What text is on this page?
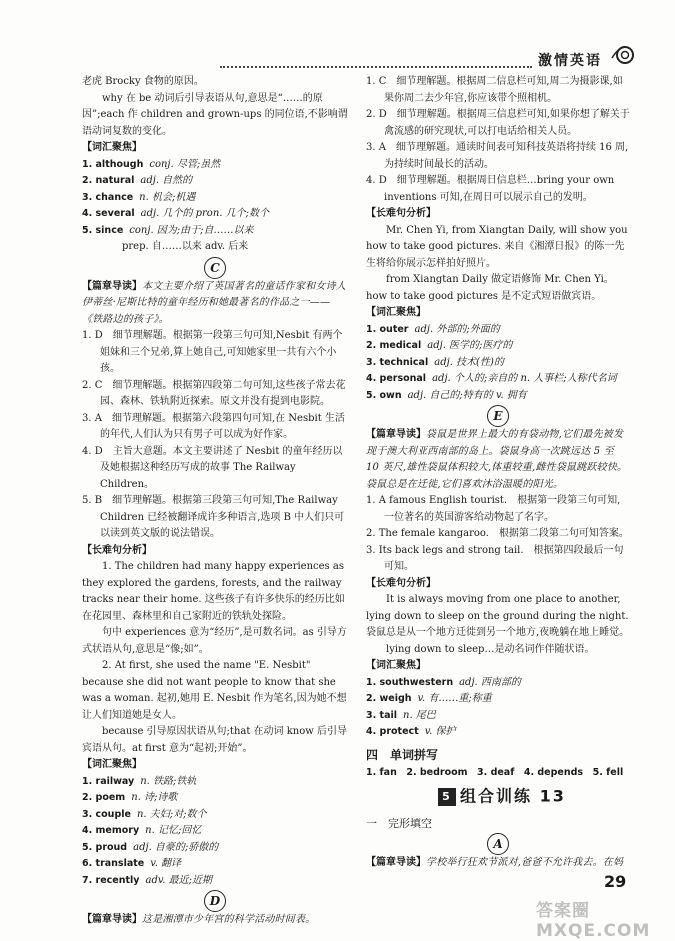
激情英语

老虎 Brocky 食物的原因。

why 在 be 动词后引导表语从句,意思是“……的原因”;each 作 children and grown-ups 的同位语,不影响谓语动词复数的变化。

【词汇聚焦】

1. although conj. 尽管;虽然

2. natural adj. 自然的

3. chance n. 机会;机遇

4. several adj. 几个的 pron. 几个;数个

5. since conj. 因为;由于;自……以来

prep. 自……以来 adv. 后来

C

【篇章导读】本文主要介绍了英国著名的童话作家和女诗人伊蒂丝·尼斯比特的童年经历和她最著名的作品之一——《铁路边的孩子》。

1. D　细节理解题。根据第一段第三句可知,Nesbit 有两个姐妹和三个兄弟,算上她自己,可知她家里一共有六个小孩。

2. C　细节理解题。根据第四段第二句可知,这些孩子常去花园、森林、铁轨附近探索。原文并没有提到电影院。

3. A　细节理解题。根据第六段第四句可知,在 Nesbit 生活的年代,人们认为只有男子可以成为好作家。

4. D　主旨大意题。本文主要讲述了 Nesbit 的童年经历以及她根据这种经历写成的故事 The Railway Children。

5. B　细节理解题。根据第三段第三句可知,The Railway Children 已经被翻译成许多种语言,选项 B 中人们只可以读到英文版的说法错误。

【长难句分析】

1. The children had many happy experiences as they explored the gardens, forests, and the railway tracks near their home. 这些孩子有许多快乐的经历比如在花园里、森林里和自己家附近的铁轨处探险。

句中 experiences 意为“经历”,是可数名词。as 引导方式状语从句,意思是“像;如”。

2. At first, she used the name "E. Nesbit" because she did not want people to know that she was a woman. 起初,她用 E. Nesbit 作为笔名,因为她不想让人们知道她是女人。

because 引导原因状语从句;that 在动词 know 后引导宾语从句。at first 意为“起初;开始”。

【词汇聚焦】

1. railway n. 铁路;铁轨

2. poem n. 诗;诗歌

3. couple n. 夫妇;对;数个

4. memory n. 记忆;回忆

5. proud adj. 自豪的;骄傲的

6. translate v. 翻译

7. recently adv. 最近;近期

D

【篇章导读】这是湘潭市少年宫的科学活动时间表。

1. C　细节理解题。根据周二信息栏可知,周二为摄影课,如果你周二去少年宫,你应该带个照相机。

2. D　细节理解题。根据周三信息栏可知,如果你想了解关于禽流感的研究现状,可以打电话给相关人员。

3. A　细节理解题。通读时间表可知科技英语将持续 16 周,为持续时间最长的活动。

4. D　细节理解题。根据周日信息栏…bring your own inventions 可知,在周日可以展示自己的发明。

【长难句分析】

Mr. Chen Yi, from Xiangtan Daily, will show you how to take good pictures. 来自《湘潭日报》的陈一先生将给你展示怎样拍好照片。

from Xiangtan Daily 做定语修饰 Mr. Chen Yi。how to take good pictures 是不定式短语做宾语。

【词汇聚焦】

1. outer adj. 外部的;外面的

2. medical adj. 医学的;医疗的

3. technical adj. 技术(性)的

4. personal adj. 个人的;亲自的 n. 人事栏;人称代名词

5. own adj. 自己的;特有的 v. 拥有

E

【篇章导读】袋鼠是世界上最大的有袋动物,它们最先被发现于澳大利亚西南部的岛上。袋鼠身高一次跳远达 5 至 10 英尺,雄性袋鼠体积较大,体重较重,雌性袋鼠跳跃较快。袋鼠总是在迁徙,它们喜欢沐浴温暖的阳光。

1. A famous English tourist.　根据第一段第三句可知,一位著名的英国游客给动物起了名字。

2. The female kangaroo.　根据第二段第二句可知答案。

3. Its back legs and strong tail.　根据第四段最后一句可知。

【长难句分析】

It is always moving from one place to another, lying down to sleep on the ground during the night. 袋鼠总是从一个地方迁徙到另一个地方,夜晚躺在地上睡觉。

lying down to sleep…是动名词作伴随状语。

【词汇聚焦】

1. southwestern adj. 西南部的

2. weigh v. 有……重;称重

3. tail n. 尾巴

4. protect v. 保护

四　单词拼写

1. fan　2. bedroom　3. deaf　4. depends　5. fell

5 组合训练 13

一　完形填空

A

【篇章导读】学校举行狂欢节派对,爸爸不允许我去。在妈

29
答案圈 MXQE.COM
